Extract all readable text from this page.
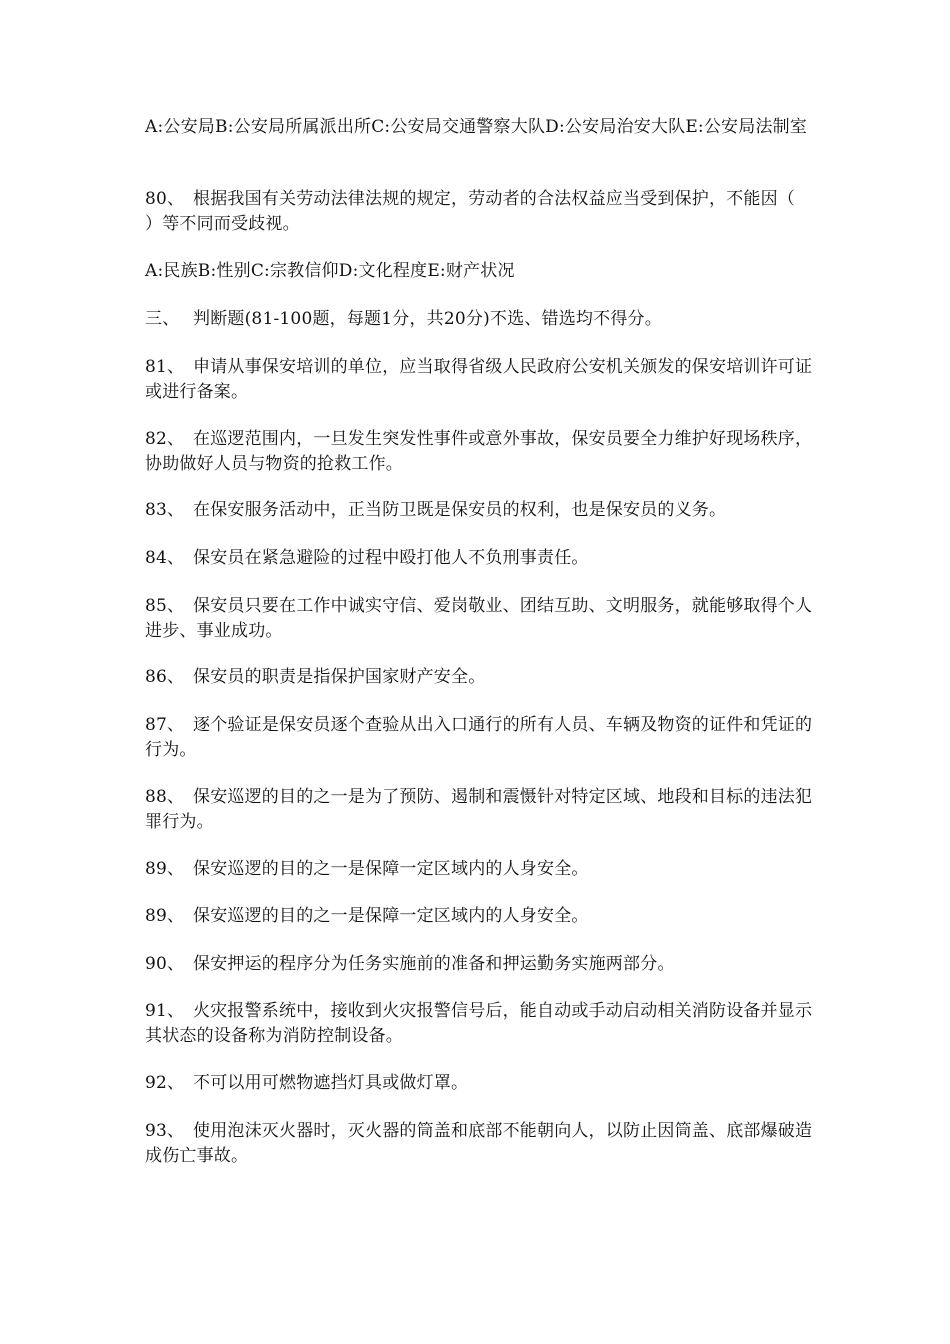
A:公安局B:公安局所属派出所C:公安局交通警察大队D:公安局治安大队E:公安局法制室
80、 根据我国有关劳动法律法规的规定，劳动者的合法权益应当受到保护，不能因（　　　）等不同而受歧视。
A:民族B:性别C:宗教信仰D:文化程度E:财产状况
三、 判断题(81-100题，每题1分，共20分)不选、错选均不得分。
81、 申请从事保安培训的单位，应当取得省级人民政府公安机关颁发的保安培训许可证或进行备案。
82、 在巡逻范围内，一旦发生突发性事件或意外事故，保安员要全力维护好现场秩序，协助做好人员与物资的抢救工作。
83、 在保安服务活动中，正当防卫既是保安员的权利，也是保安员的义务。
84、 保安员在紧急避险的过程中殴打他人不负刑事责任。
85、 保安员只要在工作中诚实守信、爱岗敬业、团结互助、文明服务，就能够取得个人进步、事业成功。
86、 保安员的职责是指保护国家财产安全。
87、 逐个验证是保安员逐个查验从出入口通行的所有人员、车辆及物资的证件和凭证的行为。
88、 保安巡逻的目的之一是为了预防、遏制和震慑针对特定区域、地段和目标的违法犯罪行为。
89、 保安巡逻的目的之一是保障一定区域内的人身安全。
89、 保安巡逻的目的之一是保障一定区域内的人身安全。
90、 保安押运的程序分为任务实施前的准备和押运勤务实施两部分。
91、 火灾报警系统中，接收到火灾报警信号后，能自动或手动启动相关消防设备并显示其状态的设备称为消防控制设备。
92、 不可以用可燃物遮挡灯具或做灯罩。
93、 使用泡沫灭火器时，灭火器的筒盖和底部不能朝向人，以防止因筒盖、底部爆破造成伤亡事故。
